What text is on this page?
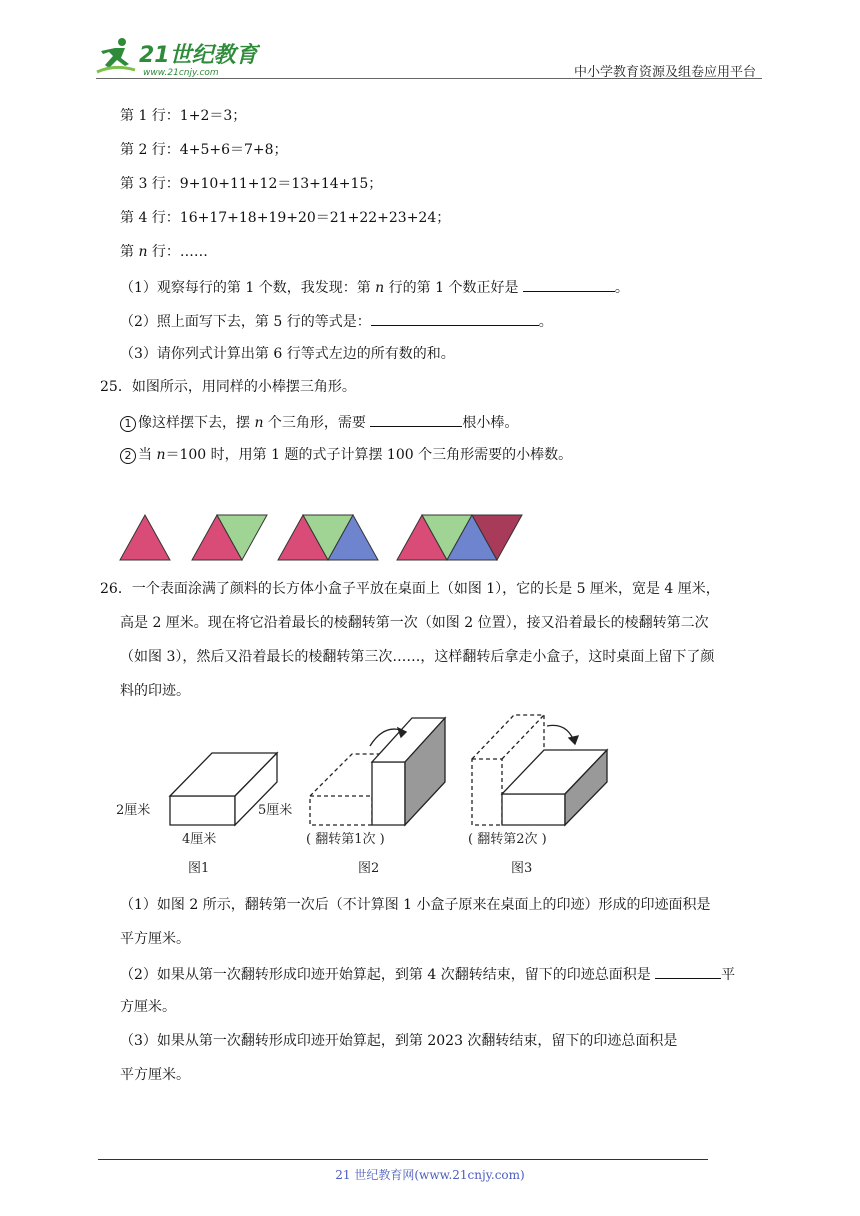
21世纪教育
www.21cnjy.com	中小学教育资源及组卷应用平台
第 1 行：1+2＝3；
第 2 行：4+5+6＝7+8；
第 3 行：9+10+11+12＝13+14+15；
第 4 行：16+17+18+19+20＝21+22+23+24；
第 n 行：……
（1）观察每行的第 1 个数，我发现：第 n 行的第 1 个数正好是	。
（2）照上面写下去，第 5 行的等式是：	。
（3）请你列式计算出第 6 行等式左边的所有数的和。
25．如图所示，用同样的小棒摆三角形。
1 像这样摆下去，摆 n 个三角形，需要	根小棒。
2 当 n＝100 时，用第 1 题的式子计算摆 100 个三角形需要的小棒数。
26．一个表面涂满了颜料的长方体小盒子平放在桌面上（如图 1），它的长是 5 厘米，宽是 4 厘米，
高是 2 厘米。现在将它沿着最长的棱翻转第一次（如图 2 位置），接又沿着最长的棱翻转第二次
（如图 3），然后又沿着最长的棱翻转第三次……，这样翻转后拿走小盒子，这时桌面上留下了颜
料的印迹。
2厘米	5厘米
4厘米	( 翻转第1次 )	( 翻转第2次 )
图1	图2	图3
（1）如图 2 所示，翻转第一次后（不计算图 1 小盒子原来在桌面上的印迹）形成的印迹面积是
平方厘米。
（2）如果从第一次翻转形成印迹开始算起，到第 4 次翻转结束，留下的印迹总面积是	平
方厘米。
（3）如果从第一次翻转形成印迹开始算起，到第 2023 次翻转结束，留下的印迹总面积是
平方厘米。
21 世纪教育网(www.21cnjy.com)
